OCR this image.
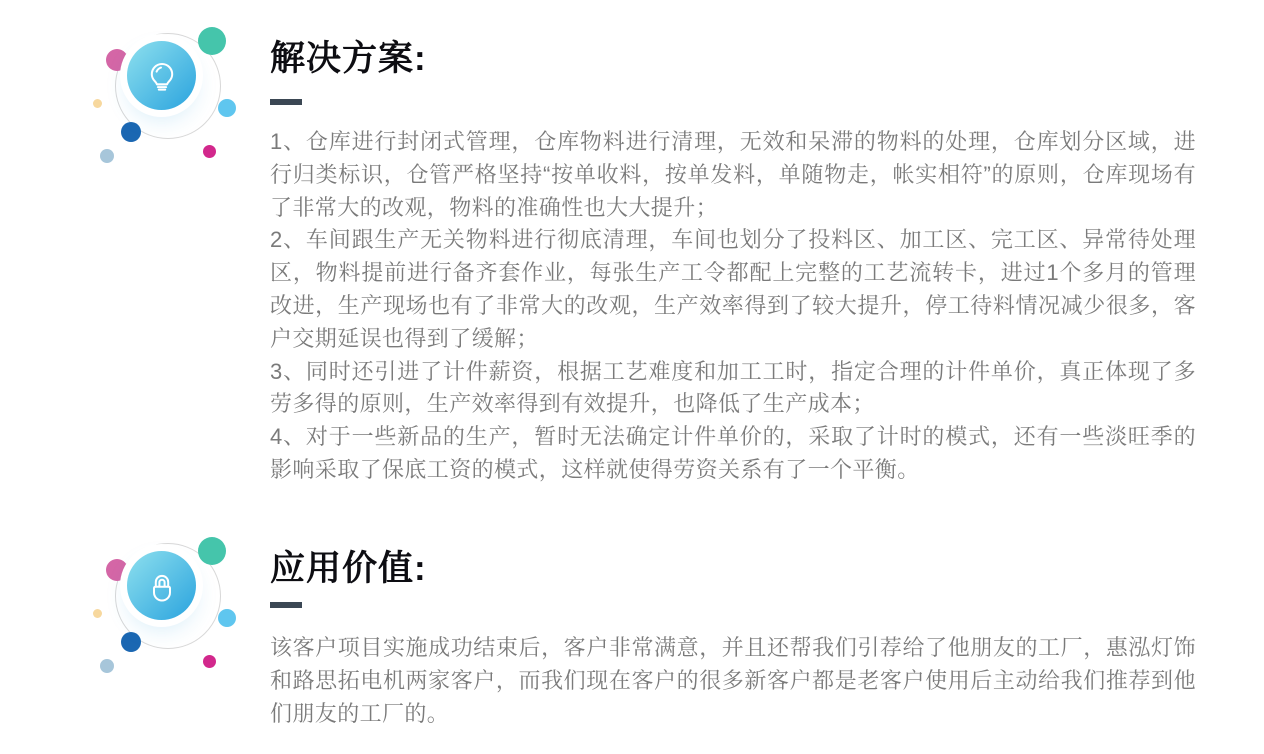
解决方案:
1、仓库进行封闭式管理，仓库物料进行清理，无效和呆滞的物料的处理，仓库划分区域，进行归类标识，仓管严格坚持“按单收料，按单发料，单随物走，帐实相符”的原则，仓库现场有了非常大的改观，物料的准确性也大大提升；
2、车间跟生产无关物料进行彻底清理，车间也划分了投料区、加工区、完工区、异常待处理区，物料提前进行备齐套作业，每张生产工令都配上完整的工艺流转卡，进过1个多月的管理改进，生产现场也有了非常大的改观，生产效率得到了较大提升，停工待料情况减少很多，客户交期延误也得到了缓解；
3、同时还引进了计件薪资，根据工艺难度和加工工时，指定合理的计件单价，真正体现了多劳多得的原则，生产效率得到有效提升，也降低了生产成本；
4、对于一些新品的生产，暂时无法确定计件单价的，采取了计时的模式，还有一些淡旺季的影响采取了保底工资的模式，这样就使得劳资关系有了一个平衡。
应用价值:
该客户项目实施成功结束后，客户非常满意，并且还帮我们引荐给了他朋友的工厂，惠泓灯饰和路思拓电机两家客户，而我们现在客户的很多新客户都是老客户使用后主动给我们推荐到他们朋友的工厂的。
